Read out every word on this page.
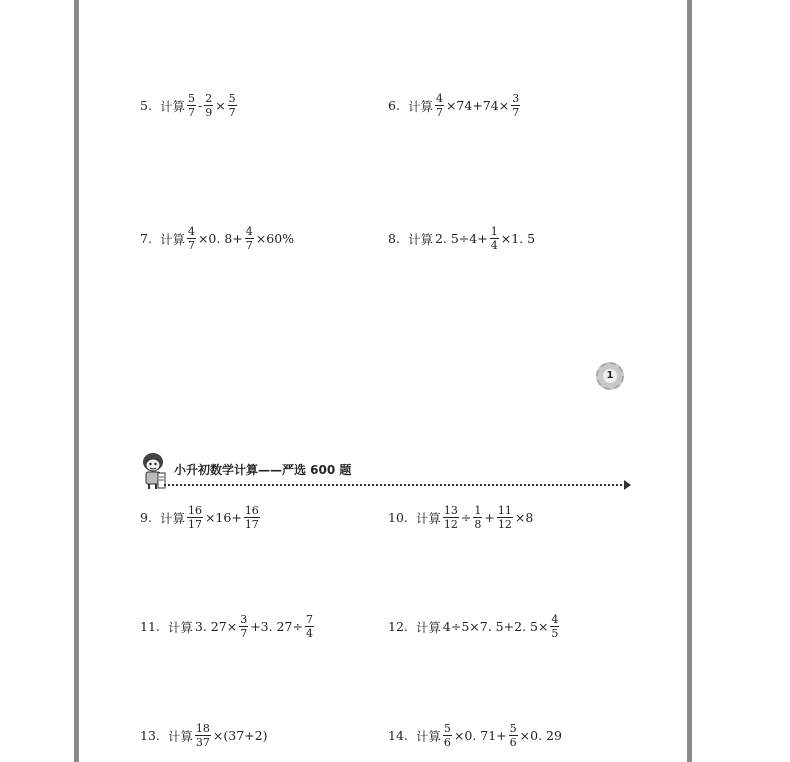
5. 计算 $\frac{5}{7} - \frac{2}{9} \times \frac{5}{7}$	6. 计算 $\frac{4}{7} \times 74+74\times \frac{3}{7}$
7. 计算 $\frac{4}{7} \times 0$. $8+ \frac{4}{7} \times 60\%$	8. 计算 2. $5\div 4+ \frac{1}{4} \times 1$. 5
1
小升初数学计算——严选 600 题
9. 计算 $\frac{16}{17} \times 16+ \frac{16}{17}$	10. 计算 $\frac{13}{12} \div \frac{1}{8} + \frac{11}{12} \times 8$
11. 计算 3. $27\times \frac{3}{7} +3$. $27\div \frac{7}{4}$	12. 计算 4÷5×7. 5+2. $5\times \frac{4}{5}$
13. 计算 $\frac{18}{37} \times(37+2)$	14. 计算 $\frac{5}{6} \times 0$. $71+ \frac{5}{6} \times 0$. 29
